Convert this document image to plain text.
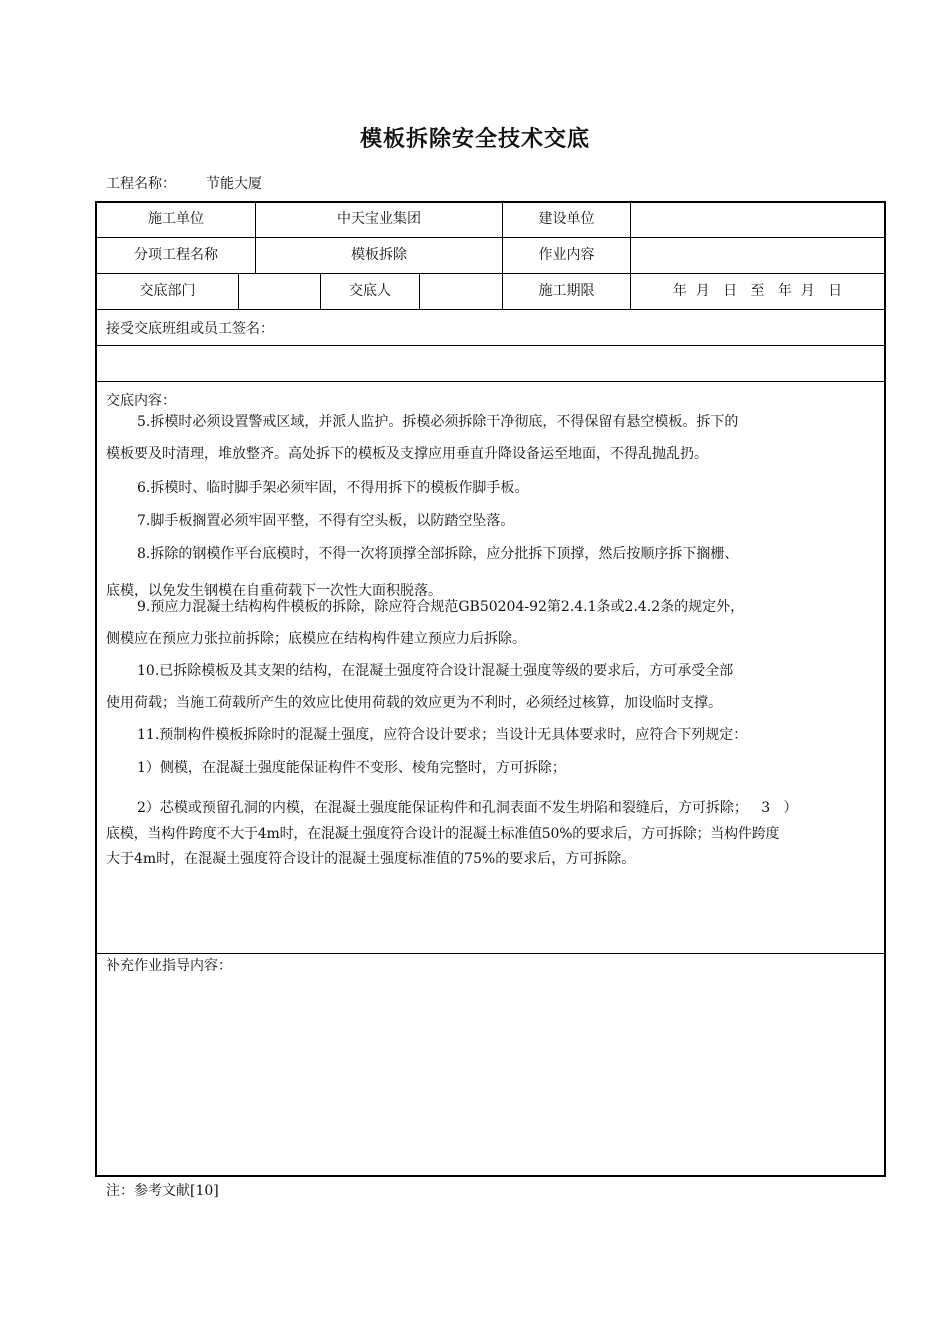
模板拆除安全技术交底
工程名称： 节能大厦
施工单位	中天宝业集团	建设单位
分项工程名称	模板拆除	作业内容
交底部门	交底人	施工期限	年  月   日   至   年  月   日
接受交底班组或员工签名：
交底内容：
5.拆模时必须设置警戒区域，并派人监护。拆模必须拆除干净彻底，不得保留有悬空模板。拆下的
模板要及时清理，堆放整齐。高处拆下的模板及支撑应用垂直升降设备运至地面，不得乱抛乱扔。
6.拆模时、临时脚手架必须牢固，不得用拆下的模板作脚手板。
7.脚手板搁置必须牢固平整，不得有空头板，以防踏空坠落。
8.拆除的钢模作平台底模时，不得一次将顶撑全部拆除，应分批拆下顶撑，然后按顺序拆下搁栅、
底模，以免发生钢模在自重荷载下一次性大面积脱落。
9.预应力混凝土结构构件模板的拆除，除应符合规范GB50204-92第2.4.1条或2.4.2条的规定外，
侧模应在预应力张拉前拆除；底模应在结构构件建立预应力后拆除。
10.已拆除模板及其支架的结构，在混凝土强度符合设计混凝土强度等级的要求后，方可承受全部
使用荷载；当施工荷载所产生的效应比使用荷载的效应更为不利时，必须经过核算，加设临时支撑。
11.预制构件模板拆除时的混凝土强度，应符合设计要求；当设计无具体要求时，应符合下列规定：
1）侧模，在混凝土强度能保证构件不变形、棱角完整时，方可拆除；
2）芯模或预留孔洞的内模，在混凝土强度能保证构件和孔洞表面不发生坍陷和裂缝后，方可拆除；   3   ）
底模，当构件跨度不大于4m时，在混凝土强度符合设计的混凝土标准值50%的要求后，方可拆除；当构件跨度
大于4m时，在混凝土强度符合设计的混凝土强度标准值的75%的要求后，方可拆除。
补充作业指导内容：
注：参考文献[10]
